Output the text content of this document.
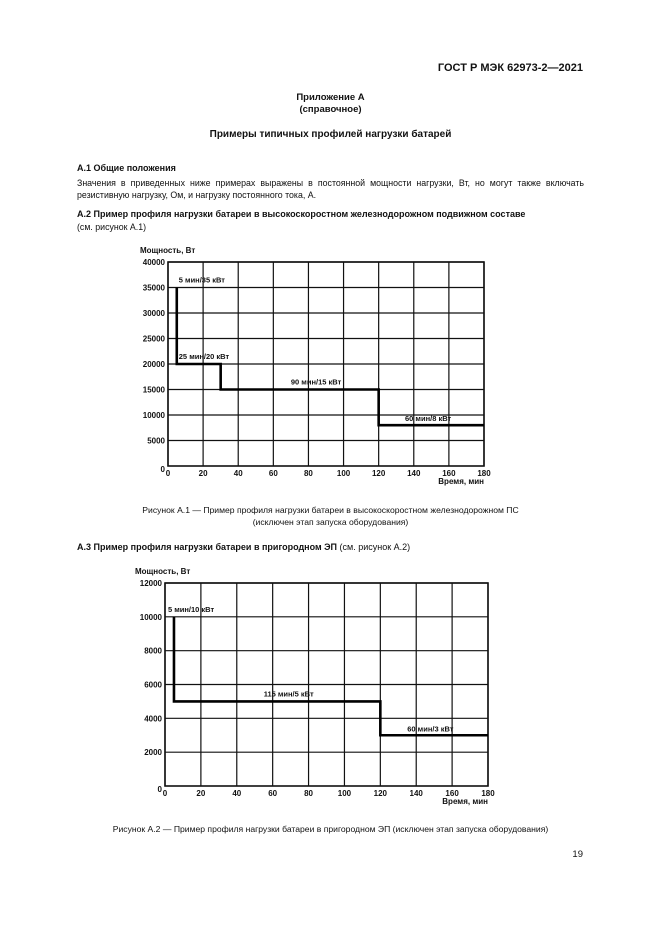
ГОСТ Р МЭК 62973-2—2021
Приложение А
(справочное)
Примеры типичных профилей нагрузки батарей
А.1 Общие положения
Значения в приведенных ниже примерах выражены в постоянной мощности нагрузки, Вт, но могут также включать резистивную нагрузку, Ом, и нагрузку постоянного тока, А.
А.2 Пример профиля нагрузки батареи в высокоскоростном железнодорожном подвижном составе
(см. рисунок А.1)
0	20	40	60	80	100	120	140	160	180
5000
10000
15000
20000
25000
30000
35000
40000
0
5 мин/35 кВт
25 мин/20 кВт
90 мин/15 кВт
60 мин/8 кВт
Мощность, Вт
Время, мин
0	20	40	60	80	100	120	140	160	180
2000
4000
6000
8000
10000
12000
0
5 мин/10 кВт
115 мин/5 кВт
60 мин/3 кВт
Мощность, Вт
Время, мин
Рисунок А.1 — Пример профиля нагрузки батареи в высокоскоростном железнодорожном ПС
(исключен этап запуска оборудования)
А.3 Пример профиля нагрузки батареи в пригородном ЭП (см. рисунок А.2)
Рисунок А.2 — Пример профиля нагрузки батареи в пригородном ЭП (исключен этап запуска оборудования)
19
